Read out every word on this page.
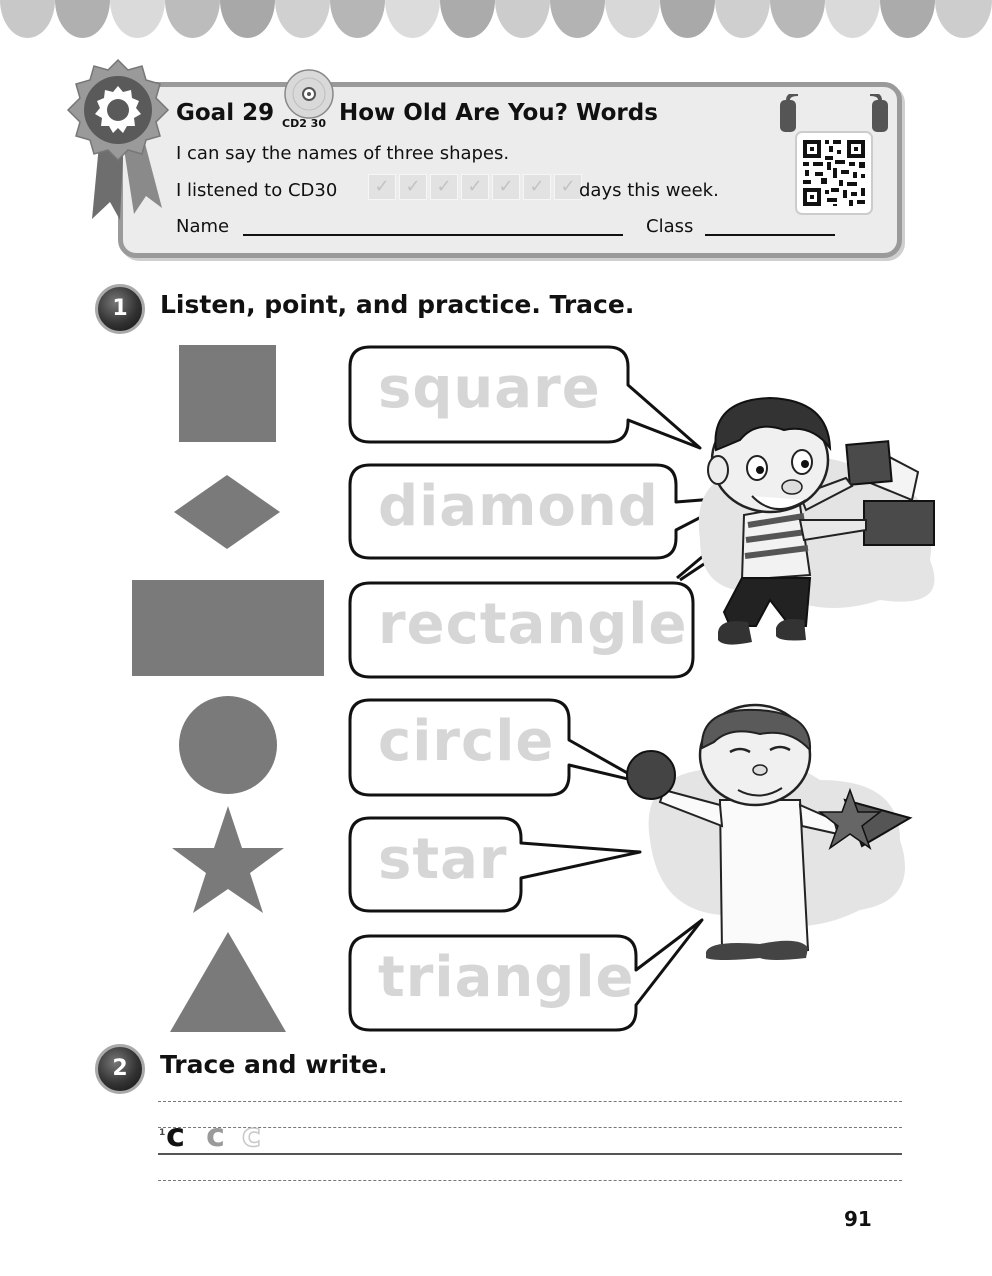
Goal 29 CD2 30 How Old Are You? Words
I can say the names of three shapes.
I listened to CD30	✓ ✓ ✓ ✓ ✓ ✓ ✓ days this week.
Name	Class
1	Listen, point, and practice. Trace.
square
diamond
rectangle
circle
star
triangle
2	Trace and write.
1 c c c
91
